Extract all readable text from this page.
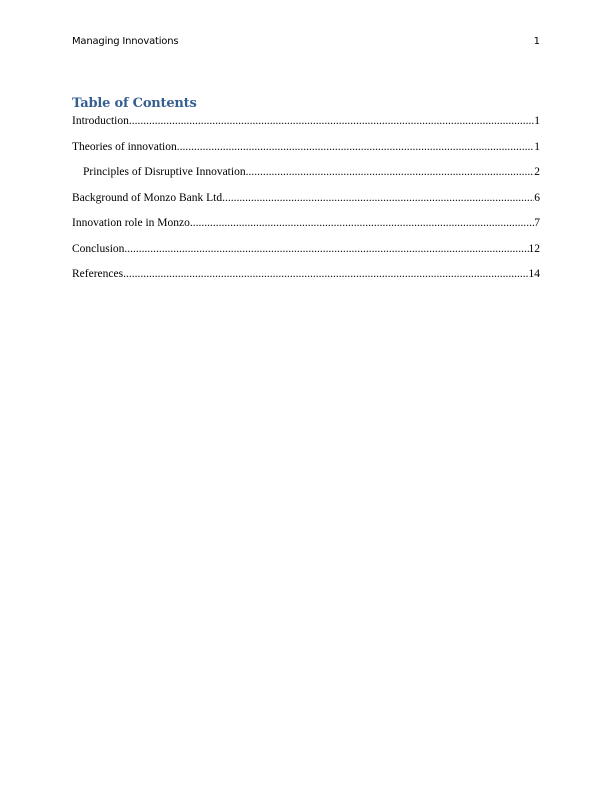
Managing Innovations	1
Table of Contents
Introduction .....	1
Theories of innovation .....	1
Principles of Disruptive Innovation .....	2
Background of Monzo Bank Ltd .....	6
Innovation role in Monzo .....	7
Conclusion .....	12
References .....	14
